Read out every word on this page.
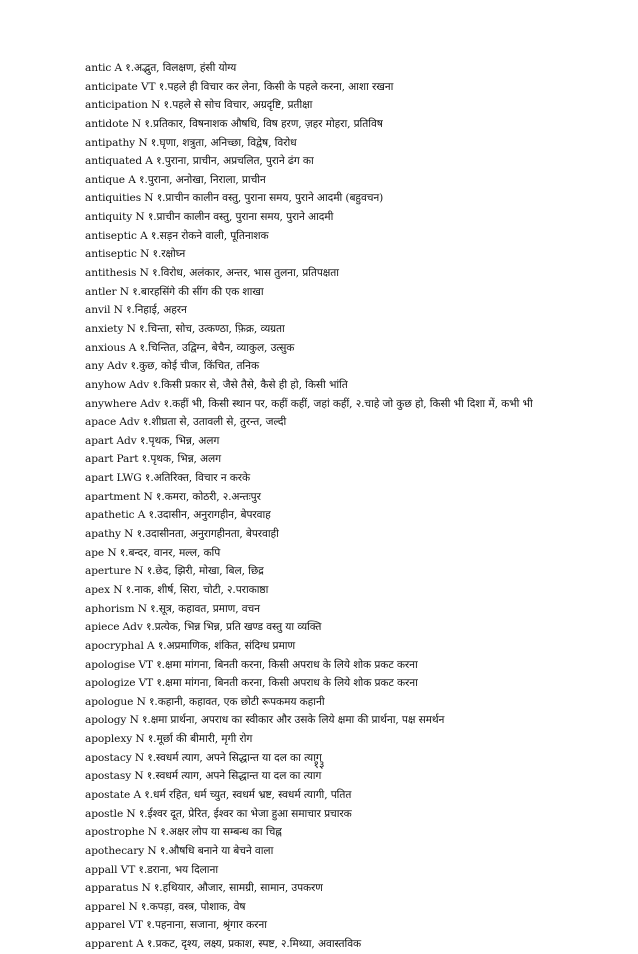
antic A १.अद्भुत, विलक्षण, हंसी योग्य
anticipate VT १.पहले ही विचार कर लेना, किसी के पहले करना, आशा रखना
anticipation N १.पहले से सोच विचार, अग्रदृष्टि, प्रतीक्षा
antidote N १.प्रतिकार, विषनाशक औषधि, विष हरण, ज़हर मोहरा, प्रतिविष
antipathy N १.घृणा, शत्रुता, अनिच्छा, विद्वेष, विरोध
antiquated A १.पुराना, प्राचीन, अप्रचलित, पुराने ढंग का
antique A १.पुराना, अनोखा, निराला, प्राचीन
antiquities N १.प्राचीन कालीन वस्तु, पुराना समय, पुराने आदमी (बहुवचन)
antiquity N १.प्राचीन कालीन वस्तु, पुराना समय, पुराने आदमी
antiseptic A १.सड़न रोकने वाली, पूतिनाशक
antiseptic N १.रक्षोघ्न
antithesis N १.विरोध, अलंकार, अन्तर, भास तुलना, प्रतिपक्षता
antler N १.बारहसिंगे की सींग की एक शाखा
anvil N १.निहाई, अहरन
anxiety N १.चिन्ता, सोच, उत्कण्ठा, फ़िक्र, व्यग्रता
anxious A १.चिन्तित, उद्विग्न, बेचैन, व्याकुल, उत्सुक
any Adv १.कुछ, कोई चीज, किंचित, तनिक
anyhow Adv १.किसी प्रकार से, जैसे तैसे, कैसे ही हो, किसी भांति
anywhere Adv १.कहीं भी, किसी स्थान पर, कहीं कहीं, जहां कहीं, २.चाहे जो कुछ हो, किसी भी दिशा में, कभी भी
apace Adv १.शीघ्रता से, उतावली से, तुरन्त, जल्दी
apart Adv १.पृथक, भिन्न, अलग
apart Part १.पृथक, भिन्न, अलग
apart LWG १.अतिरिक्त, विचार न करके
apartment N १.कमरा, कोठरी, २.अन्तःपुर
apathetic A १.उदासीन, अनुरागहीन, बेपरवाह
apathy N १.उदासीनता, अनुरागहीनता, बेपरवाही
ape N १.बन्दर, वानर, मल्ल, कपि
aperture N १.छेद, झिरी, मोखा, बिल, छिद्र
apex N १.नाक, शीर्ष, सिरा, चोटी, २.पराकाष्ठा
aphorism N १.सूत्र, कहावत, प्रमाण, वचन
apiece Adv १.प्रत्येक, भिन्न भिन्न, प्रति खण्ड वस्तु या व्यक्ति
apocryphal A १.अप्रमाणिक, शंकित, संदिग्ध प्रमाण
apologise VT १.क्षमा मांगना, बिनती करना, किसी अपराध के लिये शोक प्रकट करना
apologize VT १.क्षमा मांगना, बिनती करना, किसी अपराध के लिये शोक प्रकट करना
apologue N १.कहानी, कहावत, एक छोटी रूपकमय कहानी
apology N १.क्षमा प्रार्थना, अपराध का स्वीकार और उसके लिये क्षमा की प्रार्थना, पक्ष समर्थन
apoplexy N १.मूर्छा की बीमारी, मृगी रोग
apostacy N १.स्वधर्म त्याग, अपने सिद्धान्त या दल का त्याग
apostasy N १.स्वधर्म त्याग, अपने सिद्धान्त या दल का त्याग
apostate A १.धर्म रहित, धर्म च्युत, स्वधर्म भ्रष्ट, स्वधर्म त्यागी, पतित
apostle N १.ईश्वर दूत, प्रेरित, ईश्वर का भेजा हुआ समाचार प्रचारक
apostrophe N १.अक्षर लोप या सम्बन्ध का चिह्न
apothecary N १.औषधि बनाने या बेचने वाला
appall VT १.डराना, भय दिलाना
apparatus N १.हथियार, औजार, सामग्री, सामान, उपकरण
apparel N १.कपड़ा, वस्त्र, पोशाक, वेष
apparel VT १.पहनाना, सजाना, श्रृंगार करना
apparent A १.प्रकट, दृश्य, लक्ष्य, प्रकाश, स्पष्ट, २.मिथ्या, अवास्तविक
१३
